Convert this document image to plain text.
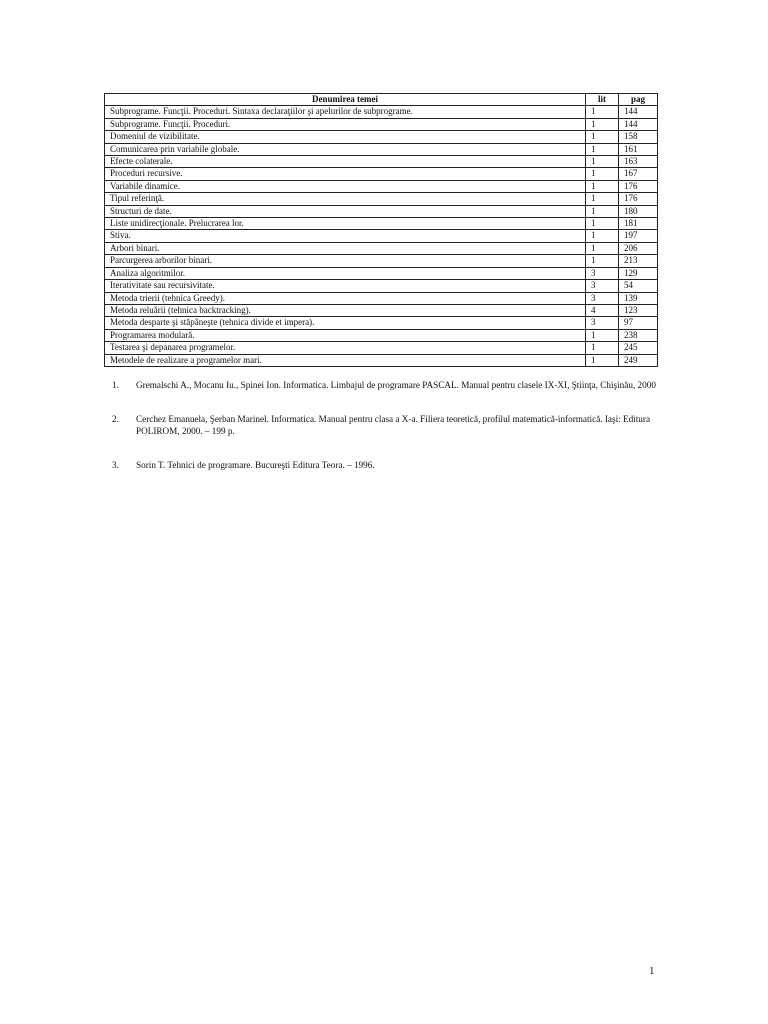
Denumirea temei	lit	pag
Subprograme. Funcţii. Proceduri. Sintaxa declaraţiilor şi apelurilor de subprograme.	1	144
Subprograme. Funcţii. Proceduri.	1	144
Domeniul de vizibilitate.	1	158
Comunicarea prin variabile globale.	1	161
Efecte colaterale.	1	163
Proceduri recursive.	1	167
Variabile dinamice.	1	176
Tipul referinţă.	1	176
Structuri de date.	1	180
Liste unidirecţionale. Prelucrarea lor.	1	181
Stiva.	1	197
Arbori binari.	1	206
Parcurgerea arborilor binari.	1	213
Analiza algoritmilor.	3	129
Iterativitate sau recursivitate.	3	54
Metoda trierii (tehnica Greedy).	3	139
Metoda reluării (tehnica backtracking).	4	123
Metoda desparte şi stăpâneşte (tehnica divide et impera).	3	97
Programarea modulară.	1	238
Testarea şi depanarea programelor.	1	245
Metodele de realizare a programelor mari.	1	249
1. Gremalschi A., Mocanu Iu., Spinei Ion. Informatica. Limbajul de programare PASCAL. Manual pentru clasele IX-XI, Ştiinţa, Chişinău, 2000
2. Cerchez Emanuela, Şerban Marinel. Informatica. Manual pentru clasa a X-a. Filiera teoretică, profilul matematică-informatică. Iaşi: Editura POLIROM, 2000. – 199 p.
3. Sorin T. Tehnici de programare. Bucureşti Editura Teora. – 1996.
1
